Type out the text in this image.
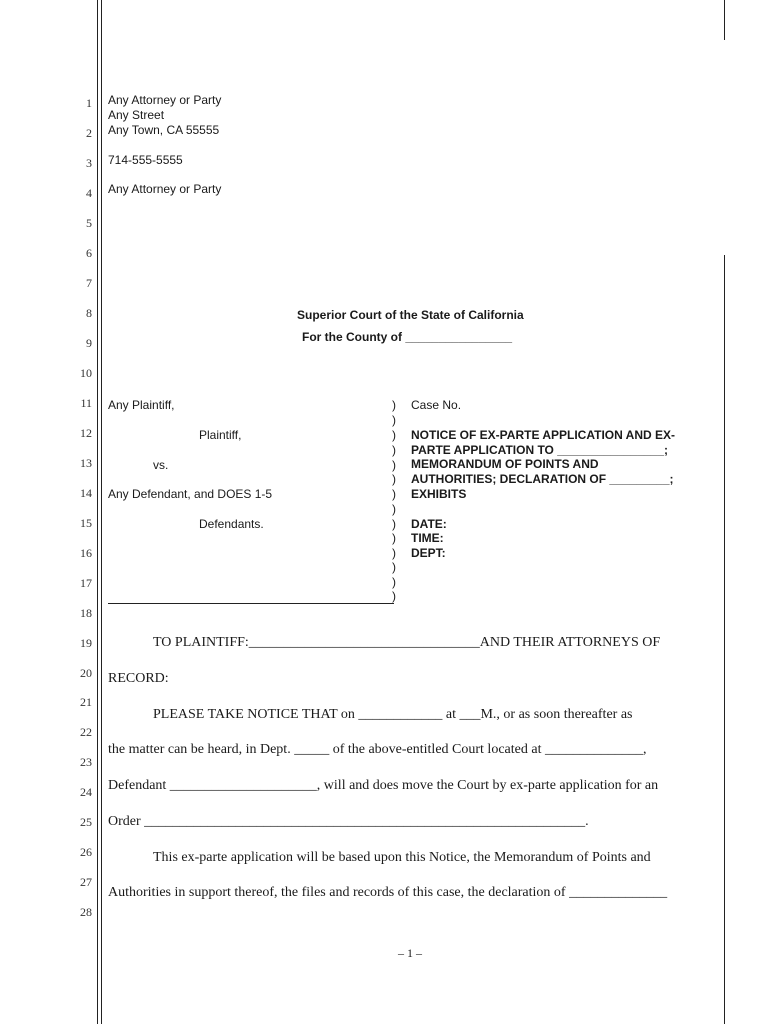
1
2
3
4
5
6
7
8
9
10
11
12
13
14
15
16
17
18
19
20
21
22
23
24
25
26
27
28
Any Attorney or Party
Any Street
Any Town, CA 55555
714-555-5555
Any Attorney or Party
Superior Court of the State of California
For the County of ________________
Any Plaintiff,
Plaintiff,
vs.
Any Defendant, and DOES 1-5
Defendants.
)
)
)
)
)
)
)
)
)
)
)
)
)
)
Case No.
NOTICE OF EX-PARTE APPLICATION AND EX-
PARTE APPLICATION TO ________________;
MEMORANDUM OF POINTS AND
AUTHORITIES; DECLARATION OF _________;
EXHIBITS
DATE:
TIME:
DEPT:
TO PLAINTIFF:_________________________________AND THEIR ATTORNEYS OF
RECORD:
PLEASE TAKE NOTICE THAT on ____________ at ___M., or as soon thereafter as
the matter can be heard, in Dept. _____ of the above-entitled Court located at ______________,
Defendant _____________________, will and does move the Court by ex-parte application for an
Order _______________________________________________________________.
This ex-parte application will be based upon this Notice, the Memorandum of Points and
Authorities in support thereof, the files and records of this case, the declaration of ______________
– 1 –
